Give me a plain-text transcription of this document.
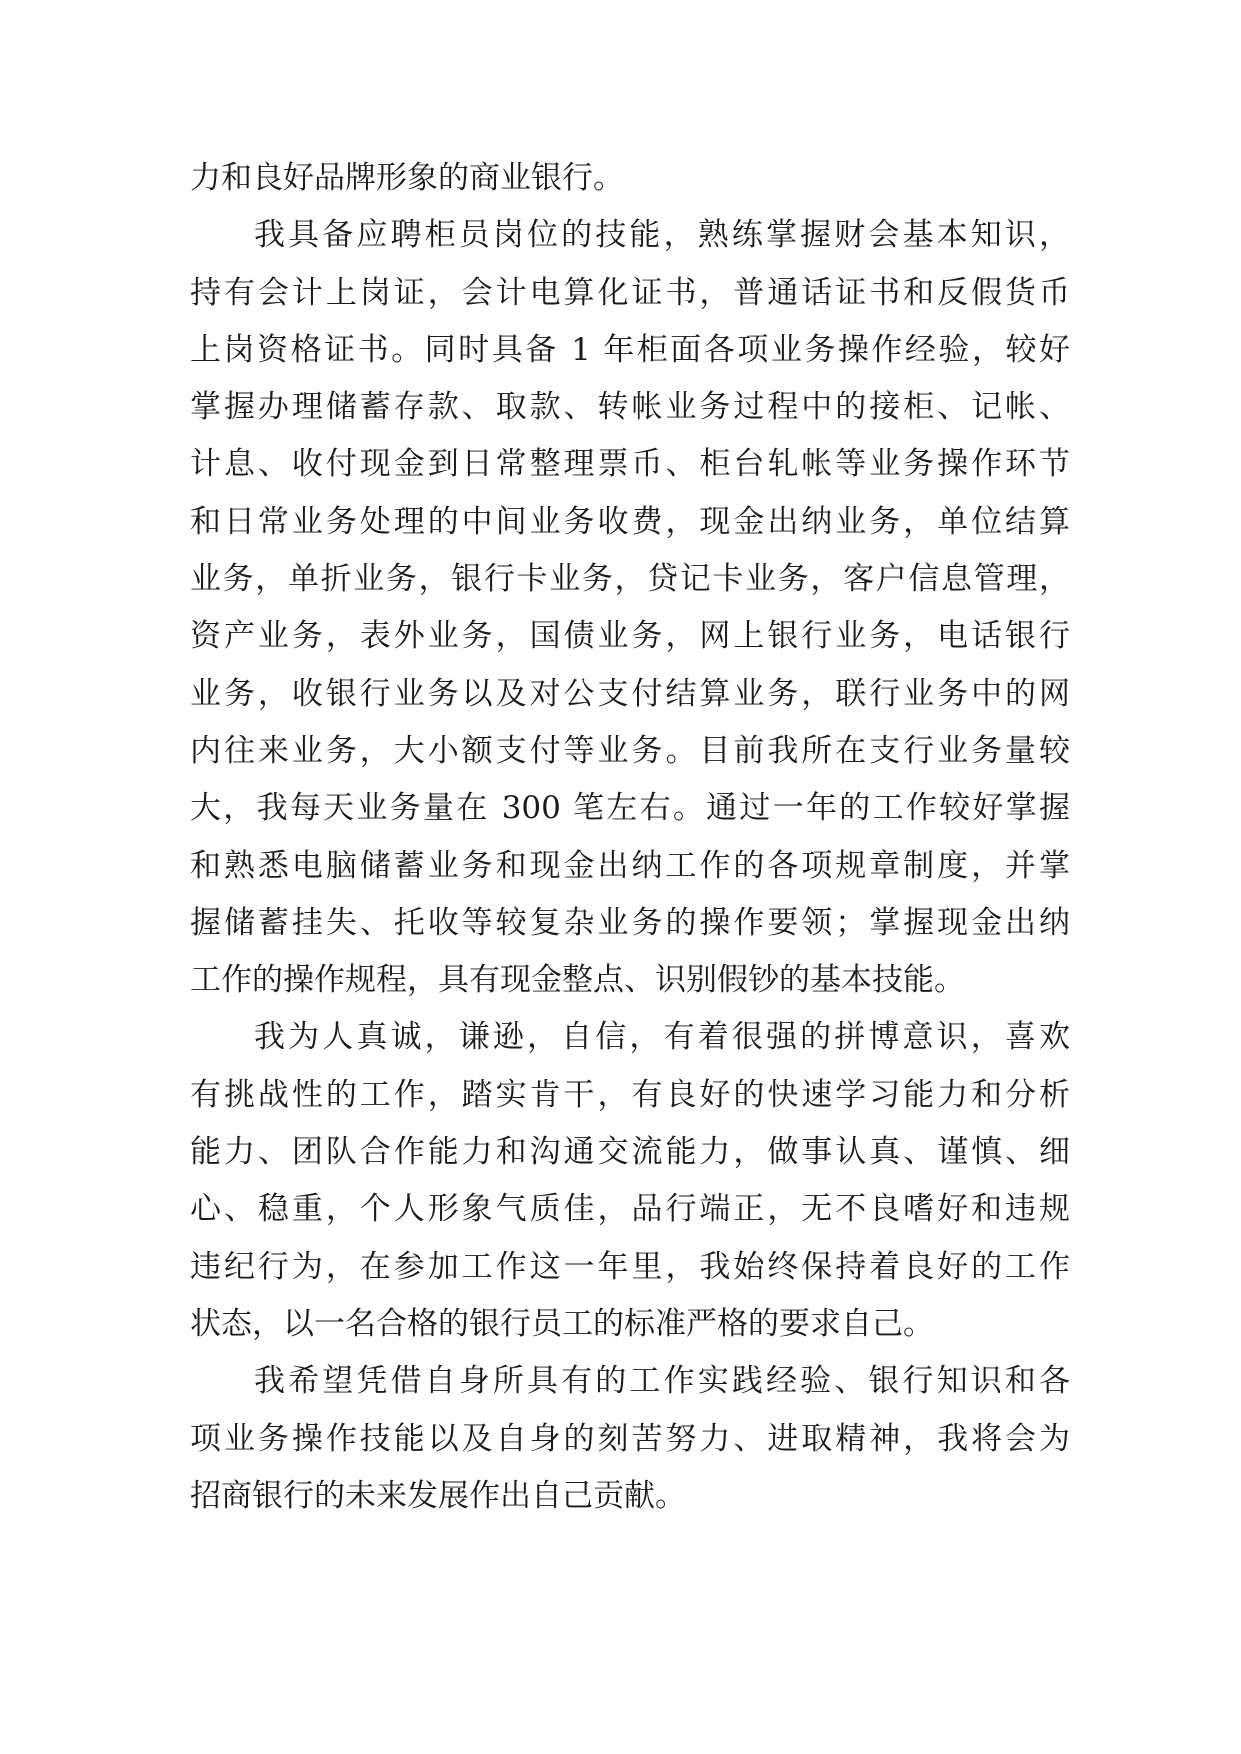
力和良好品牌形象的商业银行。
我具备应聘柜员岗位的技能，熟练掌握财会基本知识，
持有会计上岗证，会计电算化证书，普通话证书和反假货币
上岗资格证书。同时具备 1 年柜面各项业务操作经验，较好
掌握办理储蓄存款、取款、转帐业务过程中的接柜、记帐、
计息、收付现金到日常整理票币、柜台轧帐等业务操作环节
和日常业务处理的中间业务收费，现金出纳业务，单位结算
业务，单折业务，银行卡业务，贷记卡业务，客户信息管理，
资产业务，表外业务，国债业务，网上银行业务，电话银行
业务，收银行业务以及对公支付结算业务，联行业务中的网
内往来业务，大小额支付等业务。目前我所在支行业务量较
大，我每天业务量在 300 笔左右。通过一年的工作较好掌握
和熟悉电脑储蓄业务和现金出纳工作的各项规章制度，并掌
握储蓄挂失、托收等较复杂业务的操作要领；掌握现金出纳
工作的操作规程，具有现金整点、识别假钞的基本技能。
我为人真诚，谦逊，自信，有着很强的拼博意识，喜欢
有挑战性的工作，踏实肯干，有良好的快速学习能力和分析
能力、团队合作能力和沟通交流能力，做事认真、谨慎、细
心、稳重，个人形象气质佳，品行端正，无不良嗜好和违规
违纪行为，在参加工作这一年里，我始终保持着良好的工作
状态，以一名合格的银行员工的标准严格的要求自己。
我希望凭借自身所具有的工作实践经验、银行知识和各
项业务操作技能以及自身的刻苦努力、进取精神，我将会为
招商银行的未来发展作出自己贡献。
